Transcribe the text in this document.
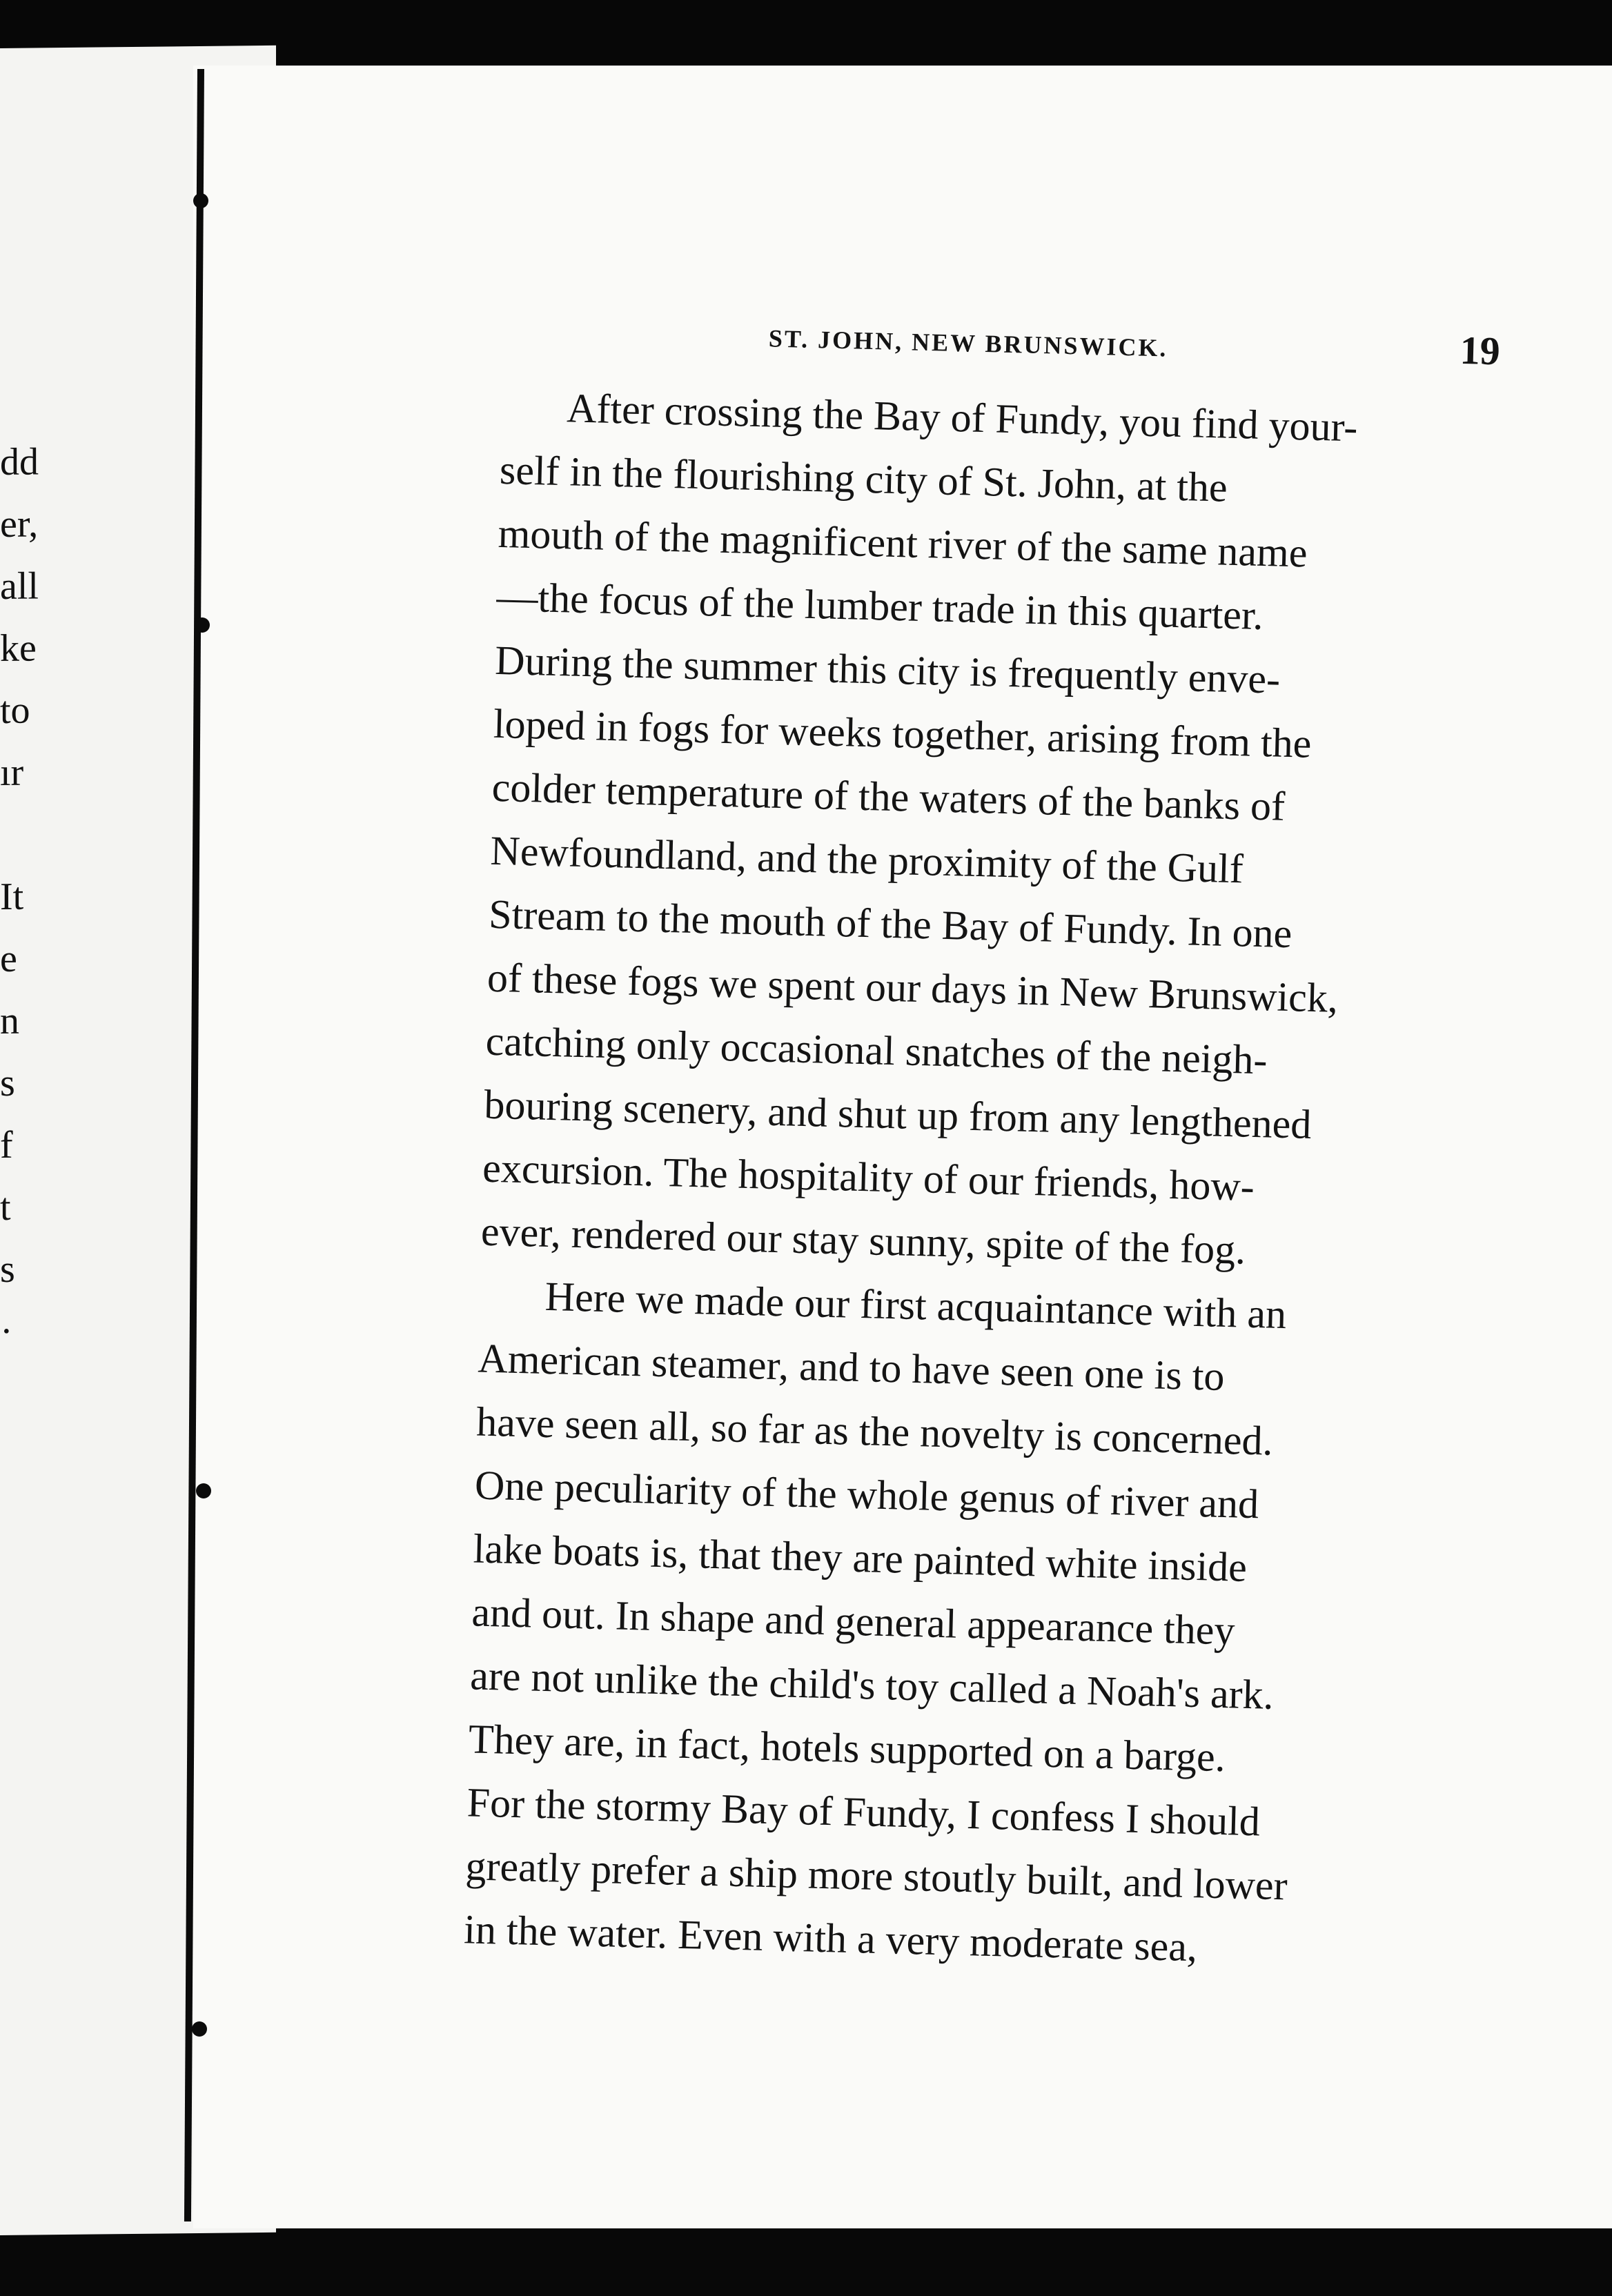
dd
er,
all
ke
to
ır
It
e
n
s
f
t
s
·
ST. JOHN, NEW BRUNSWICK.	19

After crossing the Bay of Fundy, you find your-
self in the flourishing city of St. John, at the
mouth of the magnificent river of the same name
—the focus of the lumber trade in this quarter.
During the summer this city is frequently enve-
loped in fogs for weeks together, arising from the
colder temperature of the waters of the banks of
Newfoundland, and the proximity of the Gulf
Stream to the mouth of the Bay of Fundy. In one
of these fogs we spent our days in New Brunswick,
catching only occasional snatches of the neigh-
bouring scenery, and shut up from any lengthened
excursion. The hospitality of our friends, how-
ever, rendered our stay sunny, spite of the fog.

Here we made our first acquaintance with an
American steamer, and to have seen one is to
have seen all, so far as the novelty is concerned.
One peculiarity of the whole genus of river and
lake boats is, that they are painted white inside
and out. In shape and general appearance they
are not unlike the child's toy called a Noah's ark.
They are, in fact, hotels supported on a barge.
For the stormy Bay of Fundy, I confess I should
greatly prefer a ship more stoutly built, and lower
in the water. Even with a very moderate sea,
